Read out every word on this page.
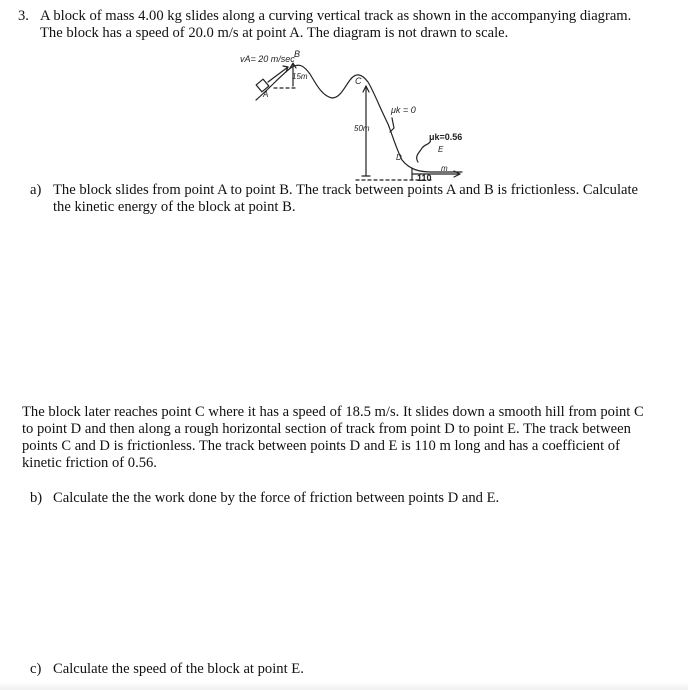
3. A block of mass 4.00 kg slides along a curving vertical track as shown in the accompanying diagram.

The block has a speed of 20.0 m/s at point A. The diagram is not drawn to scale.

vA= 20 m/sec B
15m
A
C
μk = 0
50m
D
μk=0.56
E
110
m
a) The block slides from point A to point B. The track between points A and B is frictionless. Calculate

the kinetic energy of the block at point B.

The block later reaches point C where it has a speed of 18.5 m/s. It slides down a smooth hill from point C

to point D and then along a rough horizontal section of track from point D to point E. The track between

points C and D is frictionless. The track between points D and E is 110 m long and has a coefficient of

kinetic friction of 0.56.

b) Calculate the the work done by the force of friction between points D and E.

c) Calculate the speed of the block at point E.
